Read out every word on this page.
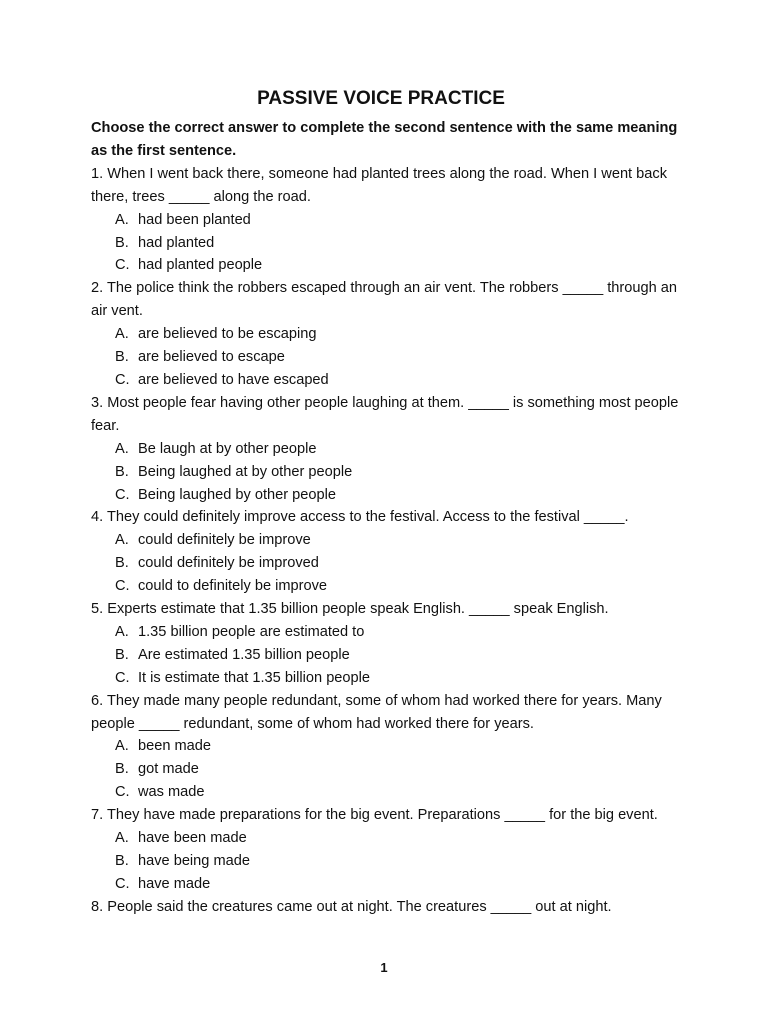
PASSIVE VOICE PRACTICE

Choose the correct answer to complete the second sentence with the same meaning as the first sentence.

1. When I went back there, someone had planted trees along the road. When I went back there, trees _____ along the road.

A. had been planted
B. had planted
C. had planted people

2. The police think the robbers escaped through an air vent. The robbers _____ through an air vent.

A. are believed to be escaping
B. are believed to escape
C. are believed to have escaped

3. Most people fear having other people laughing at them. _____ is something most people fear.

A. Be laugh at by other people
B. Being laughed at by other people
C. Being laughed by other people

4. They could definitely improve access to the festival. Access to the festival _____.

A. could definitely be improve
B. could definitely be improved
C. could to definitely be improve

5. Experts estimate that 1.35 billion people speak English. _____ speak English.

A. 1.35 billion people are estimated to
B. Are estimated 1.35 billion people
C. It is estimate that 1.35 billion people

6. They made many people redundant, some of whom had worked there for years. Many people _____ redundant, some of whom had worked there for years.

A. been made
B. got made
C. was made

7. They have made preparations for the big event. Preparations _____ for the big event.

A. have been made
B. have being made
C. have made

8. People said the creatures came out at night. The creatures _____ out at night.

1
